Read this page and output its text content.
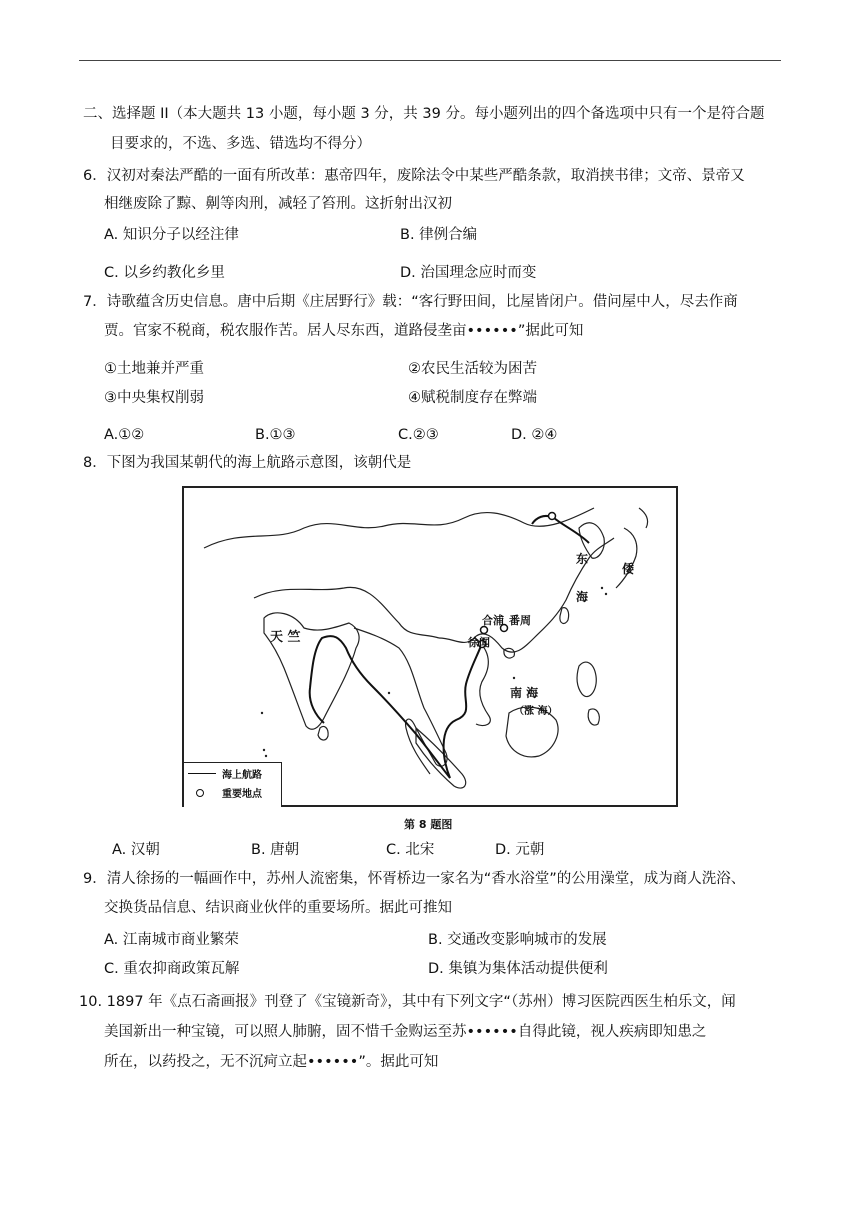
二、选择题 II（本大题共 13 小题，每小题 3 分，共 39 分。每小题列出的四个备选项中只有一个是符合题
目要求的，不选、多选、错选均不得分）
6．汉初对秦法严酷的一面有所改革：惠帝四年，废除法令中某些严酷条款，取消挟书律；文帝、景帝又
相继废除了黥、劓等肉刑，减轻了笞刑。这折射出汉初
A. 知识分子以经注律	B. 律例合编
C. 以乡约教化乡里	D. 治国理念应时而变
7．诗歌蕴含历史信息。唐中后期《庄居野行》载：“客行野田间，比屋皆闭户。借问屋中人，尽去作商
贾。官家不税商，税农服作苦。居人尽东西，道路侵垄亩••••••”据此可知
①土地兼并严重	②农民生活较为困苦
③中央集权削弱	④赋税制度存在弊端
A.①②	B.①③	C.②③	D. ②④
8．下图为我国某朝代的海上航路示意图，该朝代是
天 竺
合浦 番周
徐闻
南 海
（涨 海）
东
海
倭
海上航路
重要地点
第 8 题图
A. 汉朝	B. 唐朝	C. 北宋	D. 元朝
9．清人徐扬的一幅画作中，苏州人流密集，怀胥桥边一家名为“香水浴堂”的公用澡堂，成为商人洗浴、
交换货品信息、结识商业伙伴的重要场所。据此可推知
A. 江南城市商业繁荣	B. 交通改变影响城市的发展
C. 重农抑商政策瓦解	D. 集镇为集体活动提供便利
10. 1897 年《点石斋画报》刊登了《宝镜新奇》，其中有下列文字“（苏州）博习医院西医生柏乐文，闻
美国新出一种宝镜，可以照人肺腑，固不惜千金购运至苏••••••自得此镜，视人疾病即知患之
所在，以药投之，无不沉疴立起••••••”。据此可知
